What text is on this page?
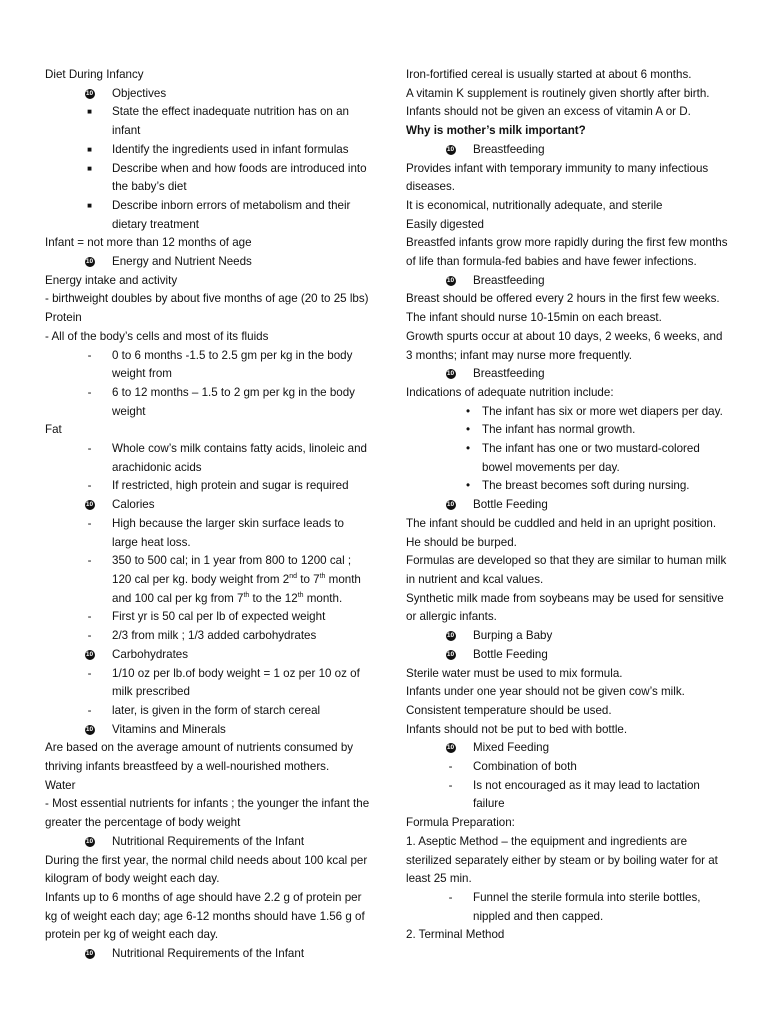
Diet During Infancy
10	Objectives
■	State the effect inadequate nutrition has on an infant
■	Identify the ingredients used in infant formulas
■	Describe when and how foods are introduced into the baby’s diet
■	Describe inborn errors of metabolism and their dietary treatment
Infant = not more than 12 months of age
10	Energy and Nutrient Needs
Energy intake and activity
- birthweight doubles by about five months of age (20 to 25 lbs)
Protein
- All of the body’s cells and most of its fluids
-	0 to 6 months -1.5 to 2.5 gm per kg in the body weight from
-	6 to 12 months – 1.5 to 2 gm per kg in the body weight
Fat
-	Whole cow’s milk contains fatty acids, linoleic and arachidonic acids
-	If restricted, high protein and sugar is required
10	Calories
-	High because the larger skin surface leads to large heat loss.
-	350 to 500 cal; in 1 year from 800 to 1200 cal ; 120 cal per kg. body weight from 2nd to 7th month and 100 cal per kg from 7th to the 12th month.
-	First yr is 50 cal per lb of expected weight
-	2/3 from milk ; 1/3 added carbohydrates
10	Carbohydrates
-	1/10 oz per lb.of body weight = 1 oz per 10 oz of milk prescribed
-	later, is given in the form of starch cereal
10	Vitamins and Minerals
Are based on the average amount of nutrients consumed by thriving infants breastfeed by a well-nourished mothers.
Water
- Most essential nutrients for infants ; the younger the infant the greater the percentage of body weight
10	Nutritional Requirements of the Infant
During the first year, the normal child needs about 100 kcal per kilogram of body weight each day.
Infants up to 6 months of age should have 2.2 g of protein per kg of weight each day; age 6-12 months should have 1.56 g of protein per kg of weight each day.
10	Nutritional Requirements of the Infant
Iron-fortified cereal is usually started at about 6 months.
A vitamin K supplement is routinely given shortly after birth.
Infants should not be given an excess of vitamin A or D.
Why is mother’s milk important?
10	Breastfeeding
Provides infant with temporary immunity to many infectious diseases.
It is economical, nutritionally adequate, and sterile
Easily digested
Breastfed infants grow more rapidly during the first few months of life than formula-fed babies and have fewer infections.
10	Breastfeeding
Breast should be offered every 2 hours in the first few weeks.
The infant should nurse 10-15min on each breast.
Growth spurts occur at about 10 days, 2 weeks, 6 weeks, and 3 months; infant may nurse more frequently.
10	Breastfeeding
Indications of adequate nutrition include:
•	The infant has six or more wet diapers per day.
•	The infant has normal growth.
•	The infant has one or two mustard-colored bowel movements per day.
•	The breast becomes soft during nursing.
10	Bottle Feeding
The infant should be cuddled and held in an upright position. He should be burped.
Formulas are developed so that they are similar to human milk in nutrient and kcal values.
Synthetic milk made from soybeans may be used for sensitive or allergic infants.
10	Burping a Baby
10	Bottle Feeding
Sterile water must be used to mix formula.
Infants under one year should not be given cow’s milk.
Consistent temperature should be used.
Infants should not be put to bed with bottle.
10	Mixed Feeding
-	Combination of both
-	Is not encouraged as it may lead to lactation failure
Formula Preparation:
1. Aseptic Method – the equipment and ingredients are sterilized separately either by steam or by boiling water for at least 25 min.
-	Funnel the sterile formula into sterile bottles, nippled and then capped.
2. Terminal Method
